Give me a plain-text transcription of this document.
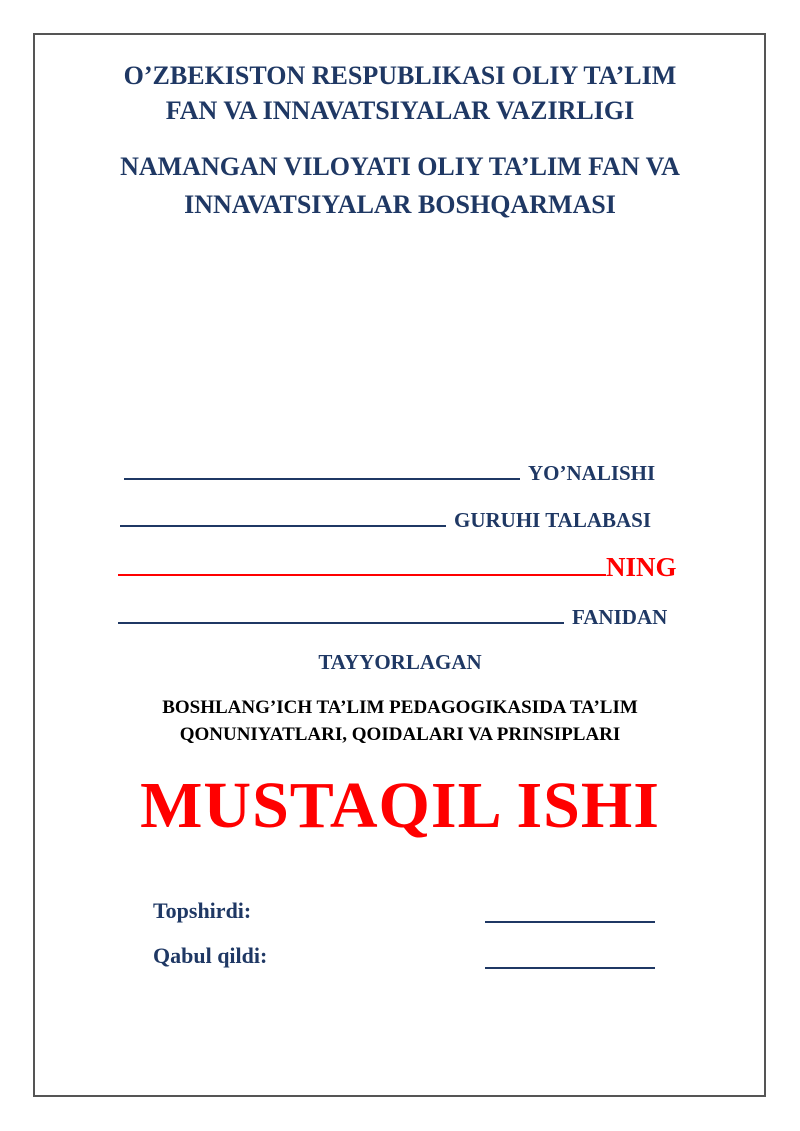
O’ZBEKISTON RESPUBLIKASI OLIY TA’LIM
FAN VA INNAVATSIYALAR VAZIRLIGI
NAMANGAN VILOYATI OLIY TA’LIM FAN VA
INNAVATSIYALAR BOSHQARMASI
YO’NALISHI
GURUHI TALABASI
NING
FANIDAN
TAYYORLAGAN
BOSHLANG’ICH TA’LIM PEDAGOGIKASIDA TA’LIM
QONUNIYATLARI, QOIDALARI VA PRINSIPLARI
MUSTAQIL ISHI
Topshirdi:
Qabul qildi:
